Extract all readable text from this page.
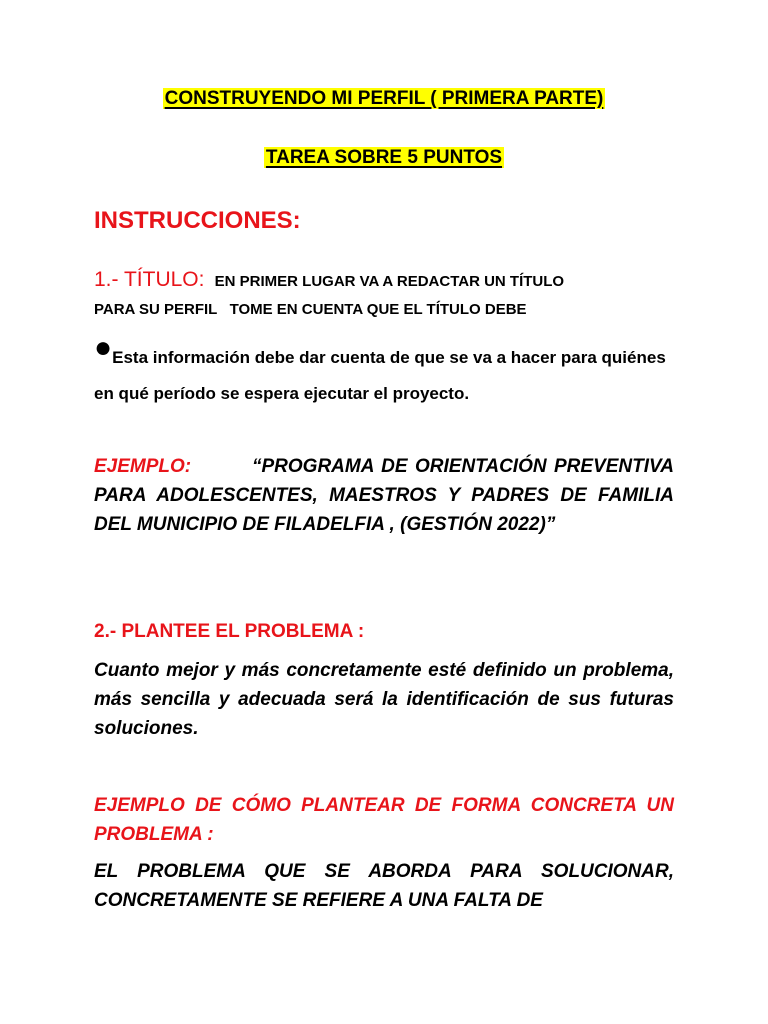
CONSTRUYENDO MI PERFIL ( PRIMERA PARTE)
TAREA SOBRE 5 PUNTOS
INSTRUCCIONES:
1.- TÍTULO: EN PRIMER LUGAR VA A REDACTAR UN TÍTULO
PARA SU PERFIL   TOME EN CUENTA QUE EL TÍTULO DEBE
●Esta información debe dar cuenta de que se va a hacer para quiénes en qué período se espera ejecutar el proyecto.
EJEMPLO:	“PROGRAMA DE ORIENTACIÓN PREVENTIVA PARA ADOLESCENTES, MAESTROS Y PADRES DE FAMILIA DEL MUNICIPIO DE FILADELFIA , (GESTIÓN 2022)”
2.- PLANTEE EL PROBLEMA :
Cuanto mejor y más concretamente esté definido un problema, más sencilla y adecuada será la identificación de sus futuras soluciones.
EJEMPLO DE CÓMO PLANTEAR DE FORMA CONCRETA UN PROBLEMA :
EL PROBLEMA QUE SE ABORDA PARA SOLUCIONAR, CONCRETAMENTE SE REFIERE A UNA FALTA DE
